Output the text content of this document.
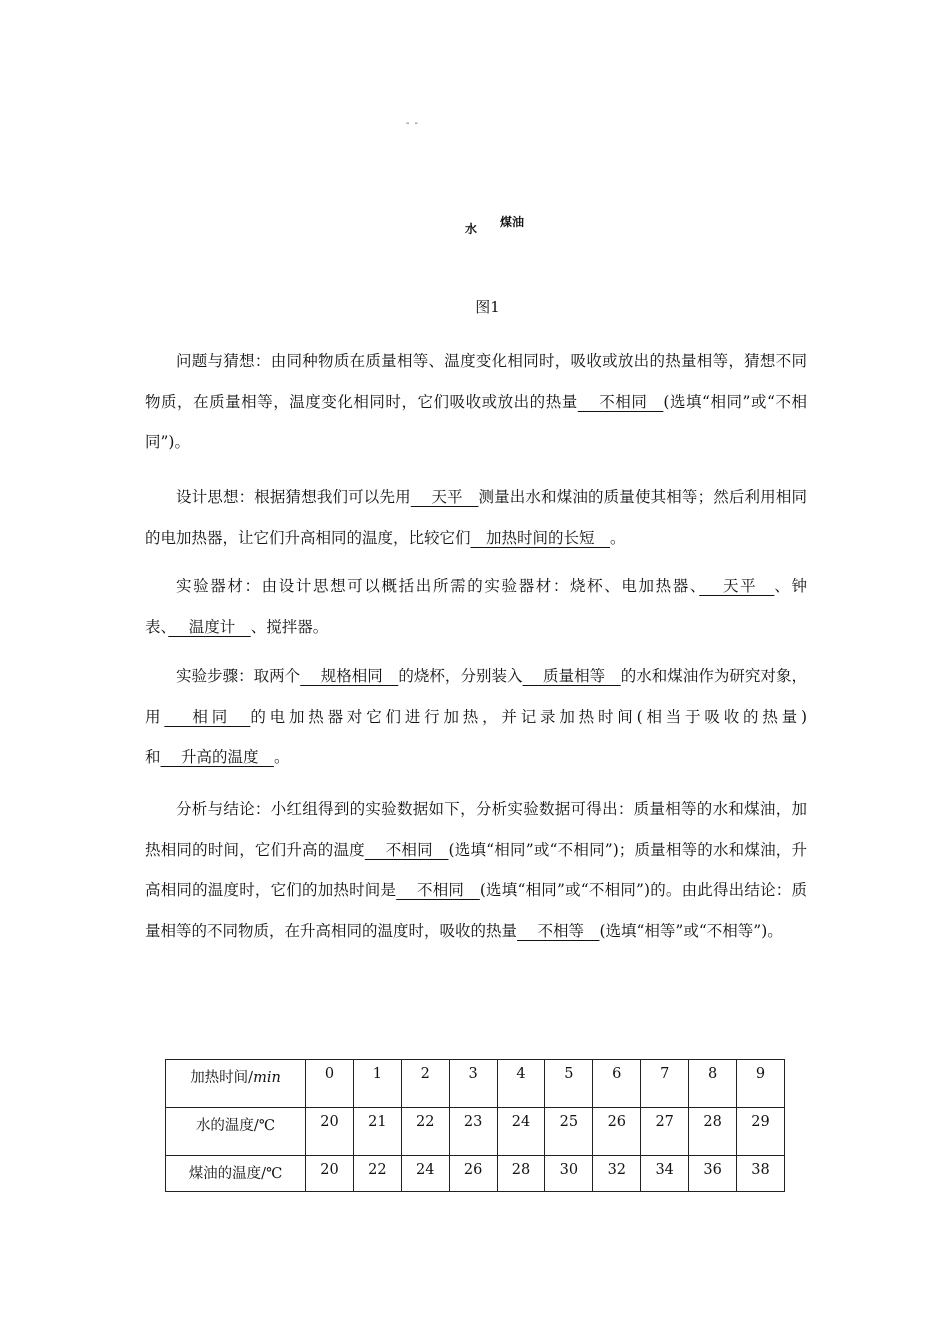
- -
水 煤油
图1

问题与猜想：由同种物质在质量相等、温度变化相同时，吸收或放出的热量相等，猜想不同物质，在质量相等，温度变化相同时，它们吸收或放出的热量　 不相同　(选填“相同”或“不相同”)。

设计思想：根据猜想我们可以先用　 天平　测量出水和煤油的质量使其相等；然后利用相同的电加热器，让它们升高相同的温度，比较它们　加热时间的长短　。

实验器材：由设计思想可以概括出所需的实验器材：烧杯、电加热器、　 天平　、钟表、　 温度计　、搅拌器。

实验步骤：取两个　 规格相同　的烧杯，分别装入　 质量相等　的水和煤油作为研究对象，用　 相同　的电加热器对它们进行加热，并记录加热时间(相当于吸收的热量)和　 升高的温度　。

分析与结论：小红组得到的实验数据如下，分析实验数据可得出：质量相等的水和煤油，加热相同的时间，它们升高的温度　 不相同　(选填“相同”或“不相同”)；质量相等的水和煤油，升高相同的温度时，它们的加热时间是　 不相同　(选填“相同”或“不相同”)的。由此得出结论：质量相等的不同物质，在升高相同的温度时，吸收的热量　 不相等　(选填“相等”或“不相等”)。

加热时间/min	0	1	2	3	4	5	6	7	8	9
水的温度/℃	20	21	22	23	24	25	26	27	28	29
煤油的温度/℃	20	22	24	26	28	30	32	34	36	38
